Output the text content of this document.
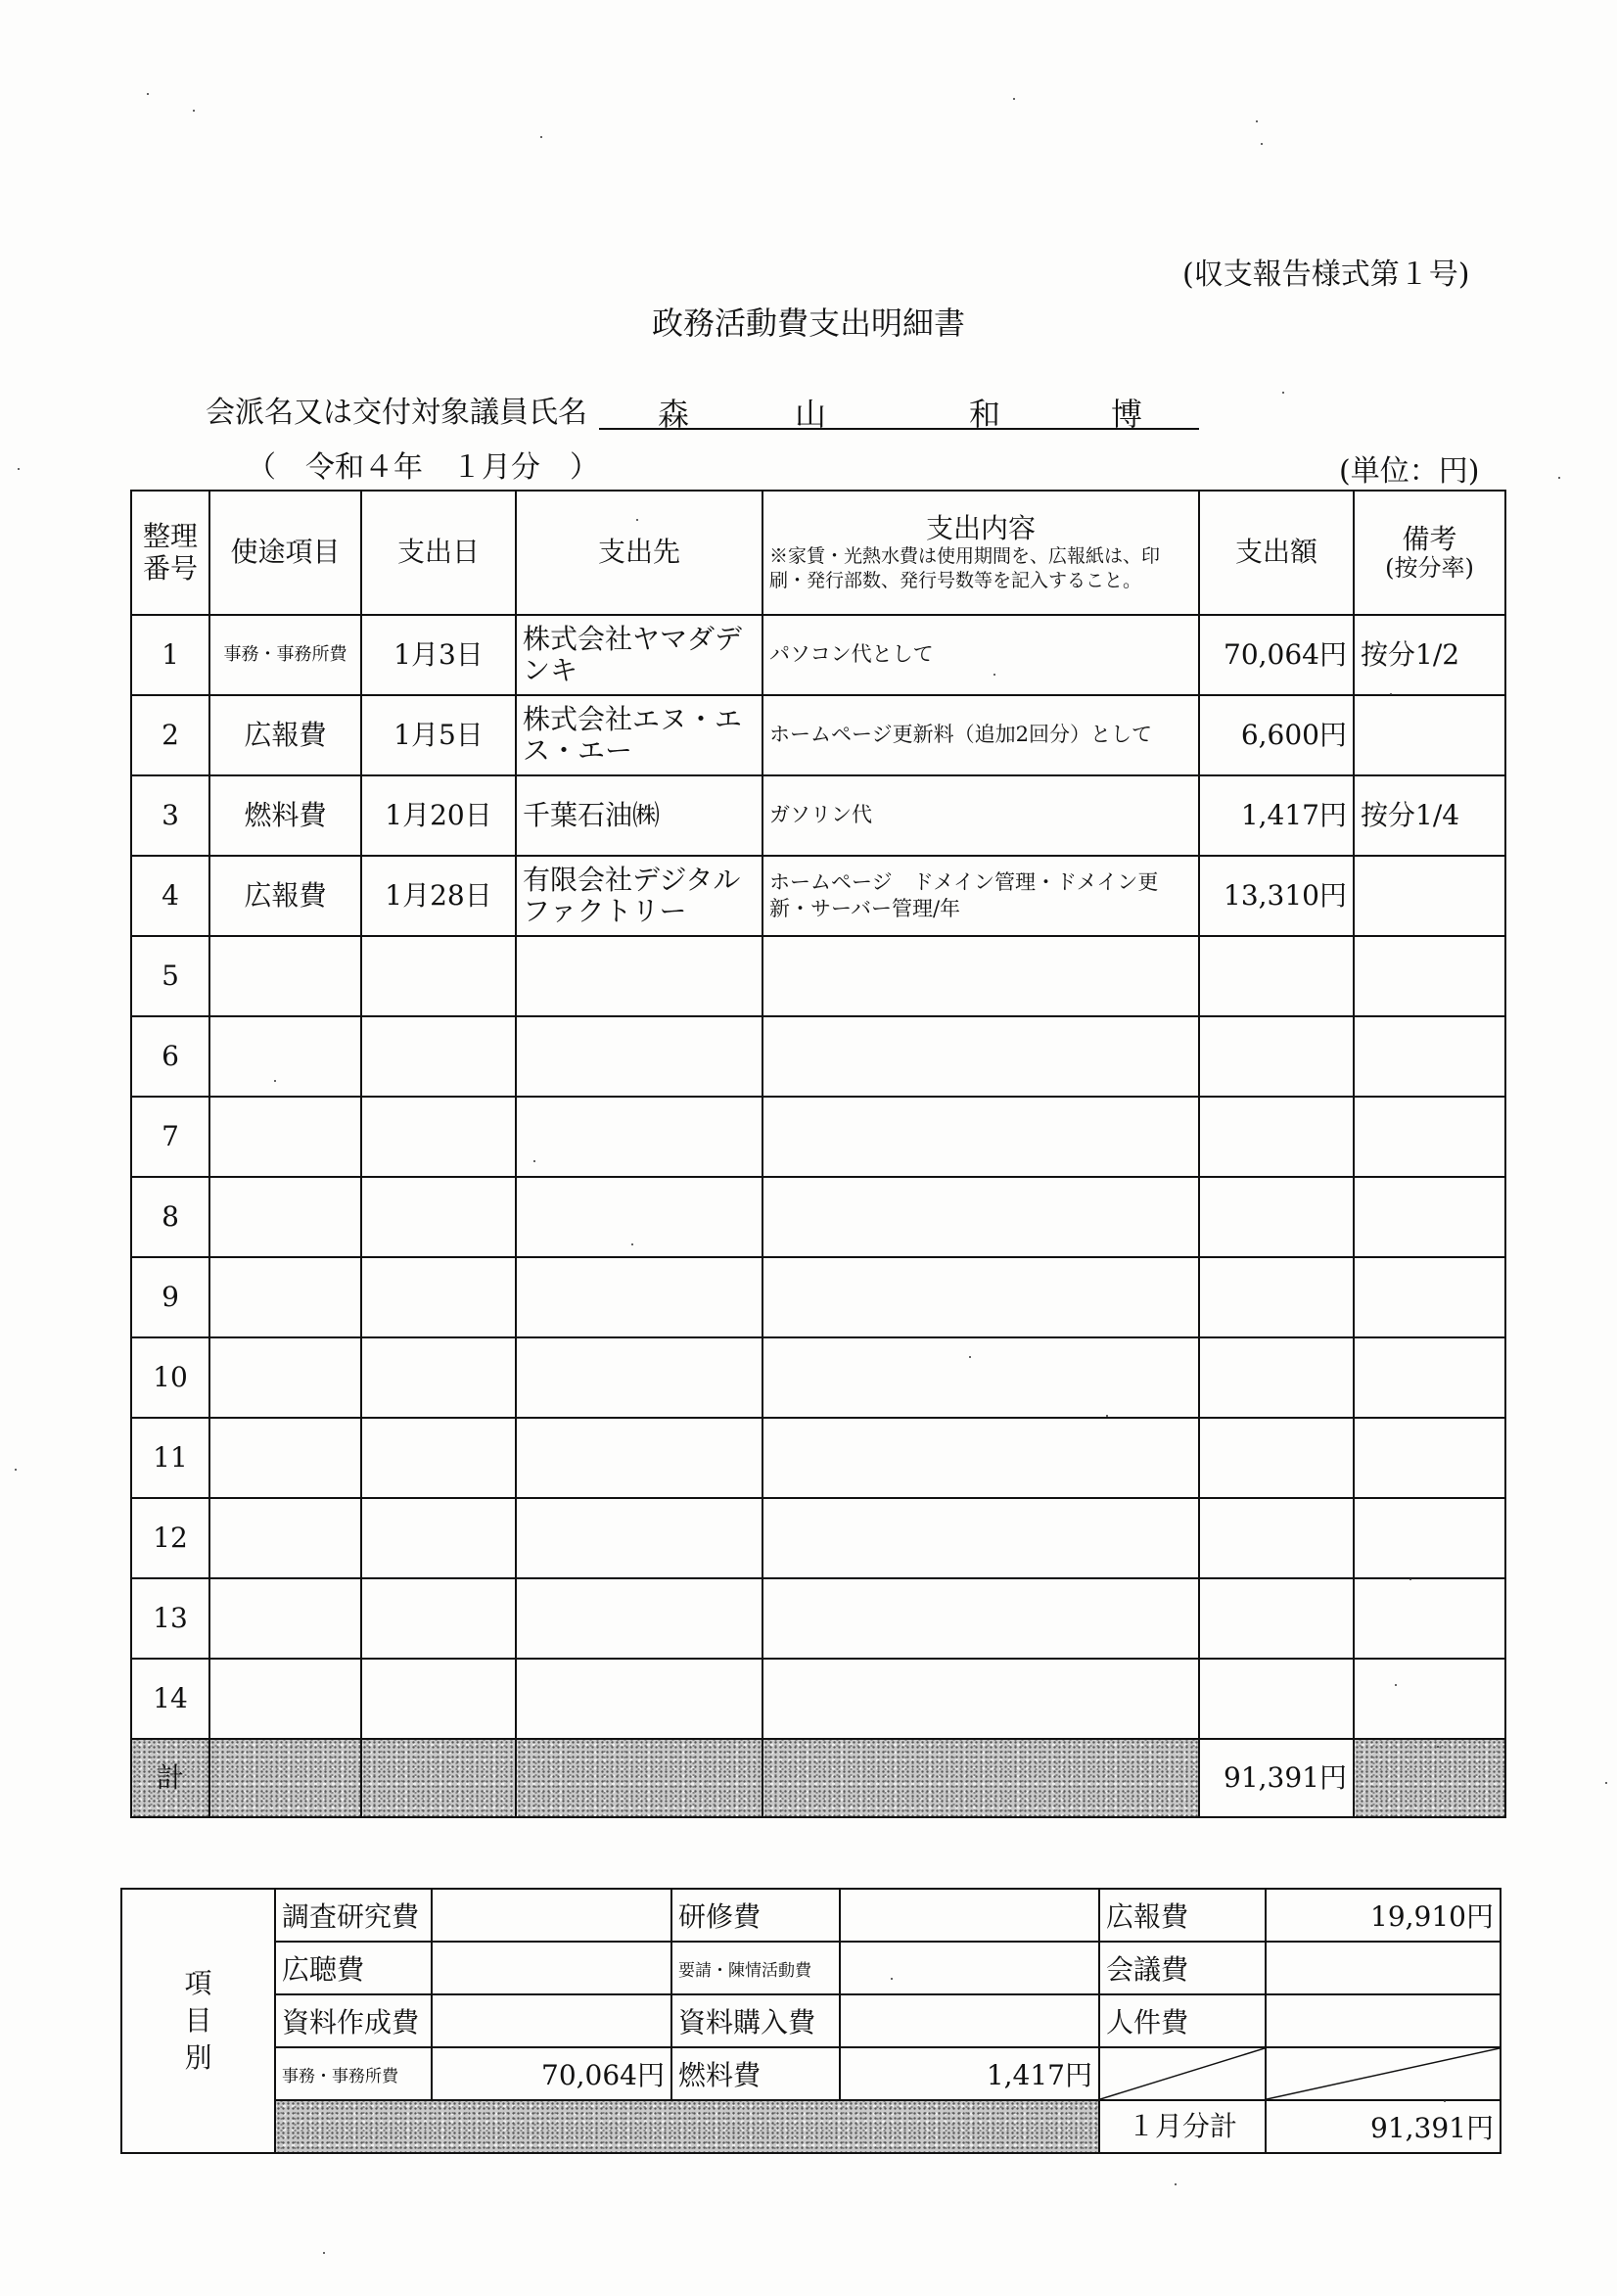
(収支報告様式第１号)
政務活動費支出明細書
会派名又は交付対象議員氏名 森	山	和	博
（　令和４年　１月分　）	(単位：円)
整理
番号	使途項目	支出日	支出先	支出内容
※家賃・光熱水費は使用期間を、広報紙は、印刷・発行部数、発行号数等を記入すること。	支出額	備考
(按分率)

1	事務・事務所費	1月3日	株式会社ヤマダデンキ	パソコン代として	70,064円	按分1/2
2	広報費	1月5日	株式会社エヌ・エス・エー	ホームページ更新料（追加2回分）として	6,600円	
3	燃料費	1月20日	千葉石油㈱	ガソリン代	1,417円	按分1/4
4	広報費	1月28日	有限会社デジタルファクトリー	ホームページ　ドメイン管理・ドメイン更新・サーバー管理/年	13,310円	
5						
6						
7						
8						
9						
10						
11						
12						
13						
14						
計					91,391円	
項
目
別	調査研究費		研修費		広報費	19,910円
	広聴費		要請・陳情活動費		会議費	
	資料作成費		資料購入費		人件費	
	事務・事務所費	70,064円	燃料費	1,417円	

					１月分計	91,391円
